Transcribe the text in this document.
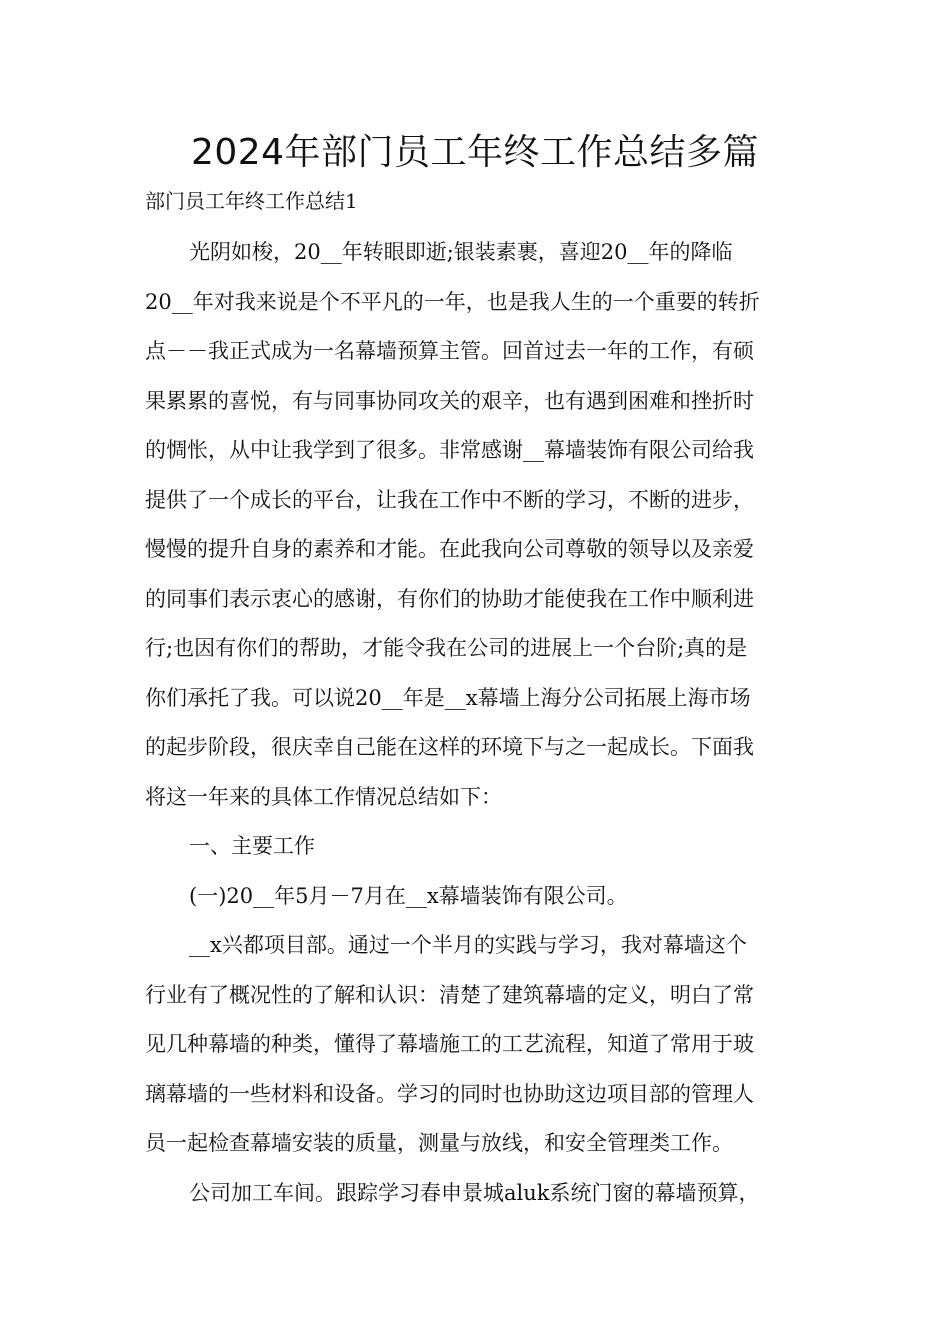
2024年部门员工年终工作总结多篇
部门员工年终工作总结1
光阴如梭，20__年转眼即逝;银装素裹，喜迎20__年的降临
20__年对我来说是个不平凡的一年，也是我人生的一个重要的转折
点－－我正式成为一名幕墙预算主管。回首过去一年的工作，有硕
果累累的喜悦，有与同事协同攻关的艰辛，也有遇到困难和挫折时
的惆怅，从中让我学到了很多。非常感谢__幕墙装饰有限公司给我
提供了一个成长的平台，让我在工作中不断的学习，不断的进步，
慢慢的提升自身的素养和才能。在此我向公司尊敬的领导以及亲爱
的同事们表示衷心的感谢，有你们的协助才能使我在工作中顺利进
行;也因有你们的帮助，才能令我在公司的进展上一个台阶;真的是
你们承托了我。可以说20__年是__x幕墙上海分公司拓展上海市场
的起步阶段，很庆幸自己能在这样的环境下与之一起成长。下面我
将这一年来的具体工作情况总结如下：
一、主要工作
(一)20__年5月－7月在__x幕墙装饰有限公司。
__x兴都项目部。通过一个半月的实践与学习，我对幕墙这个
行业有了概况性的了解和认识：清楚了建筑幕墙的定义，明白了常
见几种幕墙的种类，懂得了幕墙施工的工艺流程，知道了常用于玻
璃幕墙的一些材料和设备。学习的同时也协助这边项目部的管理人
员一起检查幕墙安装的质量，测量与放线，和安全管理类工作。
公司加工车间。跟踪学习春申景城aluk系统门窗的幕墙预算，
